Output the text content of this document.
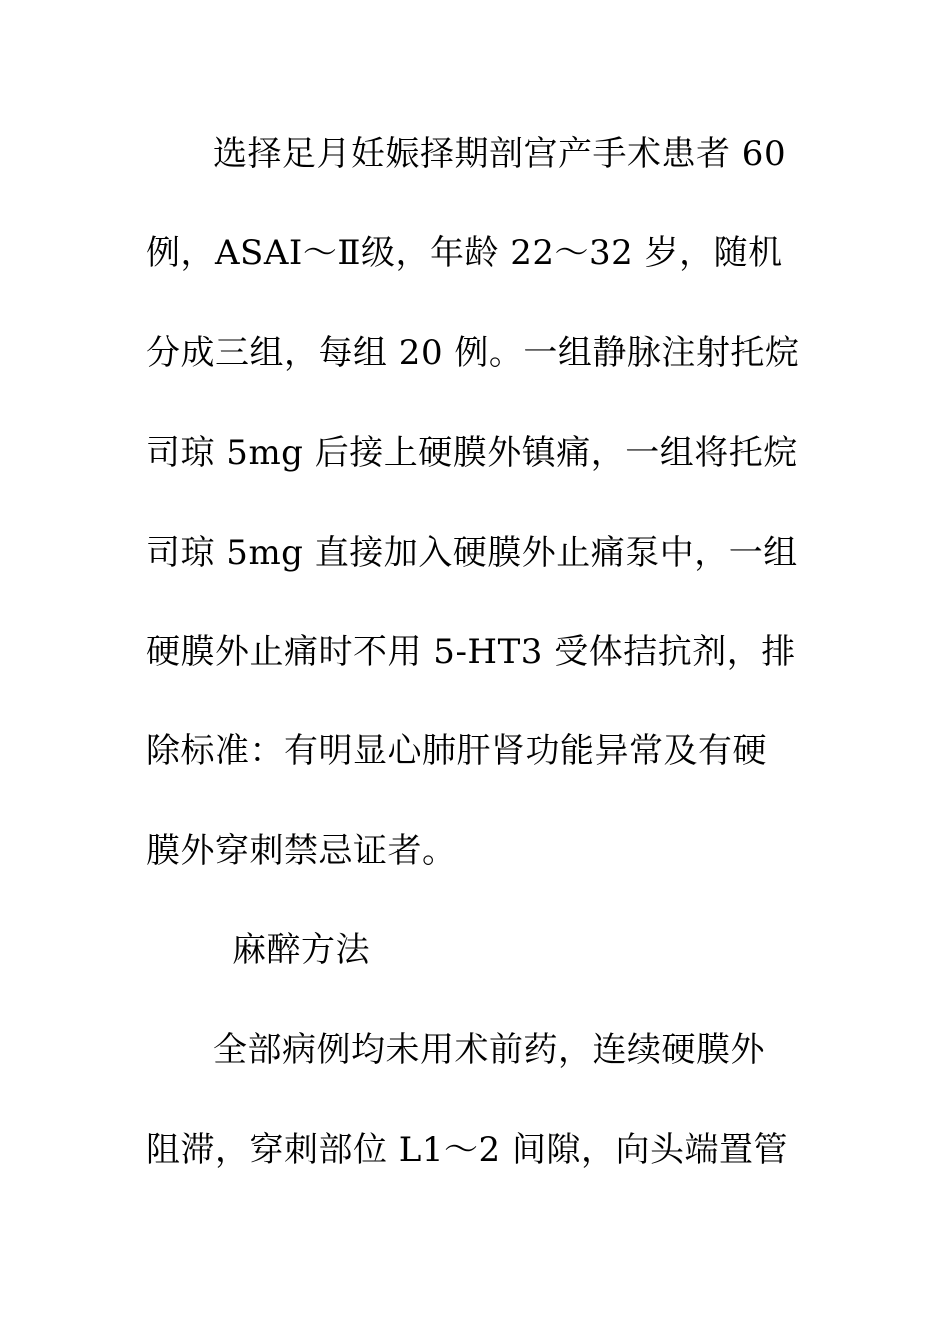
选择足月妊娠择期剖宫产手术患者 60
例，ASAⅠ～Ⅱ级，年龄 22～32 岁，随机
分成三组，每组 20 例。一组静脉注射托烷
司琼 5mg 后接上硬膜外镇痛，一组将托烷
司琼 5mg 直接加入硬膜外止痛泵中，一组
硬膜外止痛时不用 5-HT3 受体拮抗剂，排
除标准：有明显心肺肝肾功能异常及有硬
膜外穿刺禁忌证者。
麻醉方法
全部病例均未用术前药，连续硬膜外
阻滞，穿刺部位 L1～2 间隙，向头端置管
